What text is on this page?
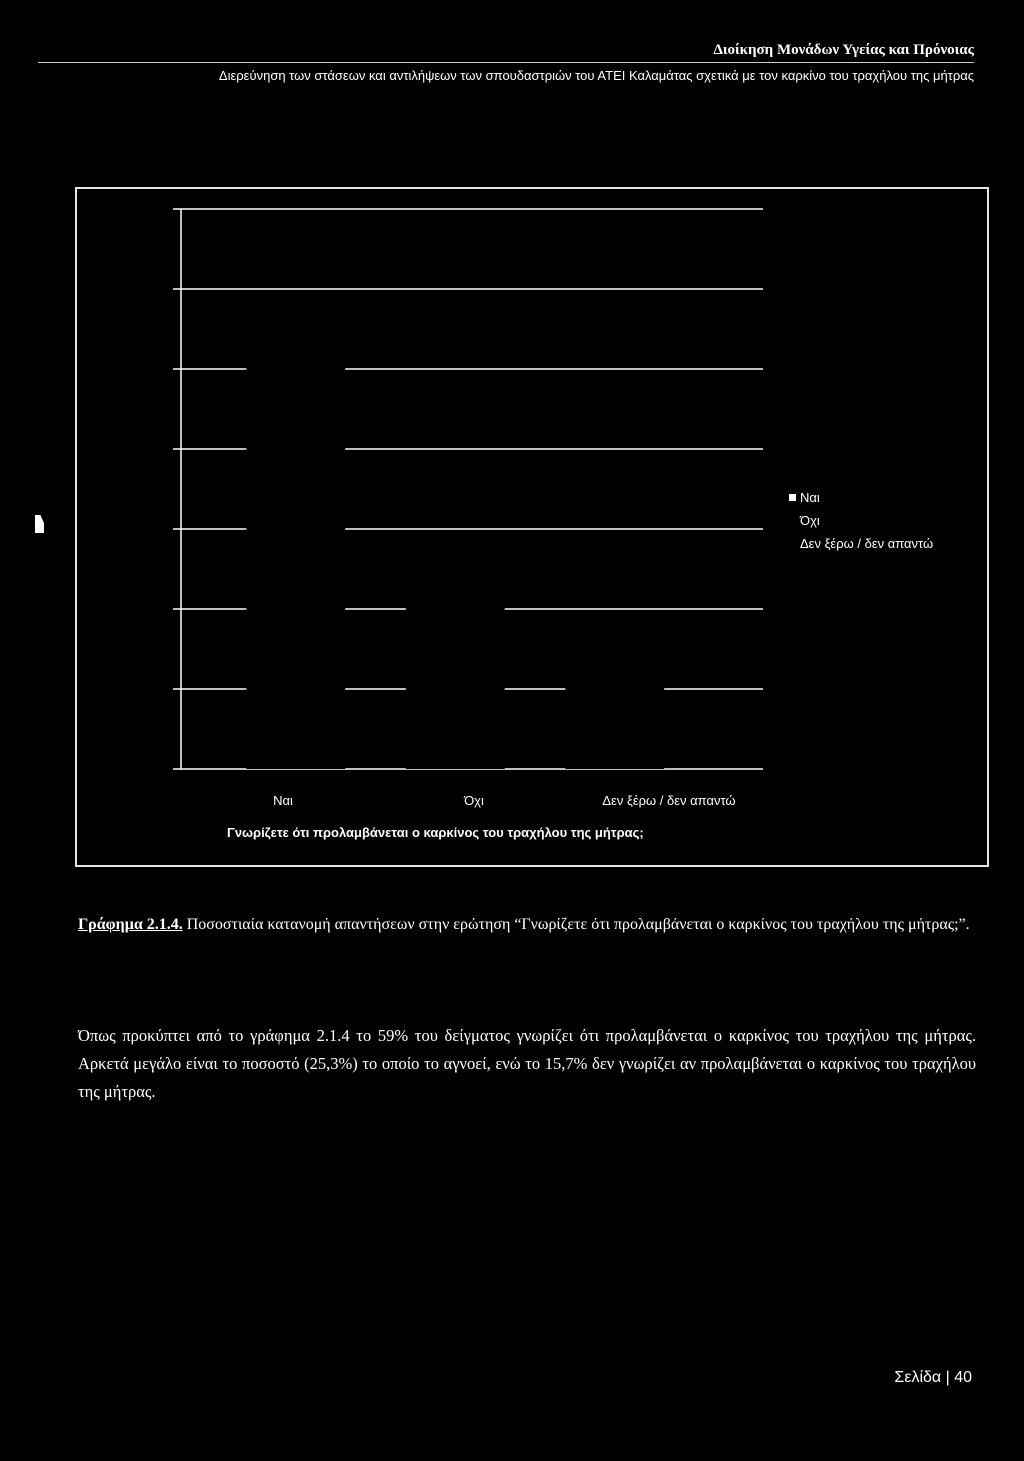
Διοίκηση Μονάδων Υγείας και Πρόνοιας
Διερεύνηση των στάσεων και αντιλήψεων των σπουδαστριών του ΑΤΕΙ Καλαμάτας σχετικά με τον καρκίνο του τραχήλου της μήτρας
Ναι
Όχι
Δεν ξέρω / δεν απαντώ
Ναι	Όχι	Δεν ξέρω / δεν απαντώ
Γνωρίζετε ότι προλαμβάνεται ο καρκίνος του τραχήλου της μήτρας;
Γράφημα 2.1.4. Ποσοστιαία κατανομή απαντήσεων στην ερώτηση “Γνωρίζετε ότι προλαμβάνεται ο καρκίνος του τραχήλου της μήτρας;”.
Όπως προκύπτει από το γράφημα 2.1.4 το 59% του δείγματος γνωρίζει ότι προλαμβάνεται ο καρκίνος του τραχήλου της μήτρας. Αρκετά μεγάλο είναι το ποσοστό (25,3%) το οποίο το αγνοεί, ενώ το 15,7% δεν γνωρίζει αν προλαμβάνεται ο καρκίνος του τραχήλου της μήτρας.
Σελίδα | 40
